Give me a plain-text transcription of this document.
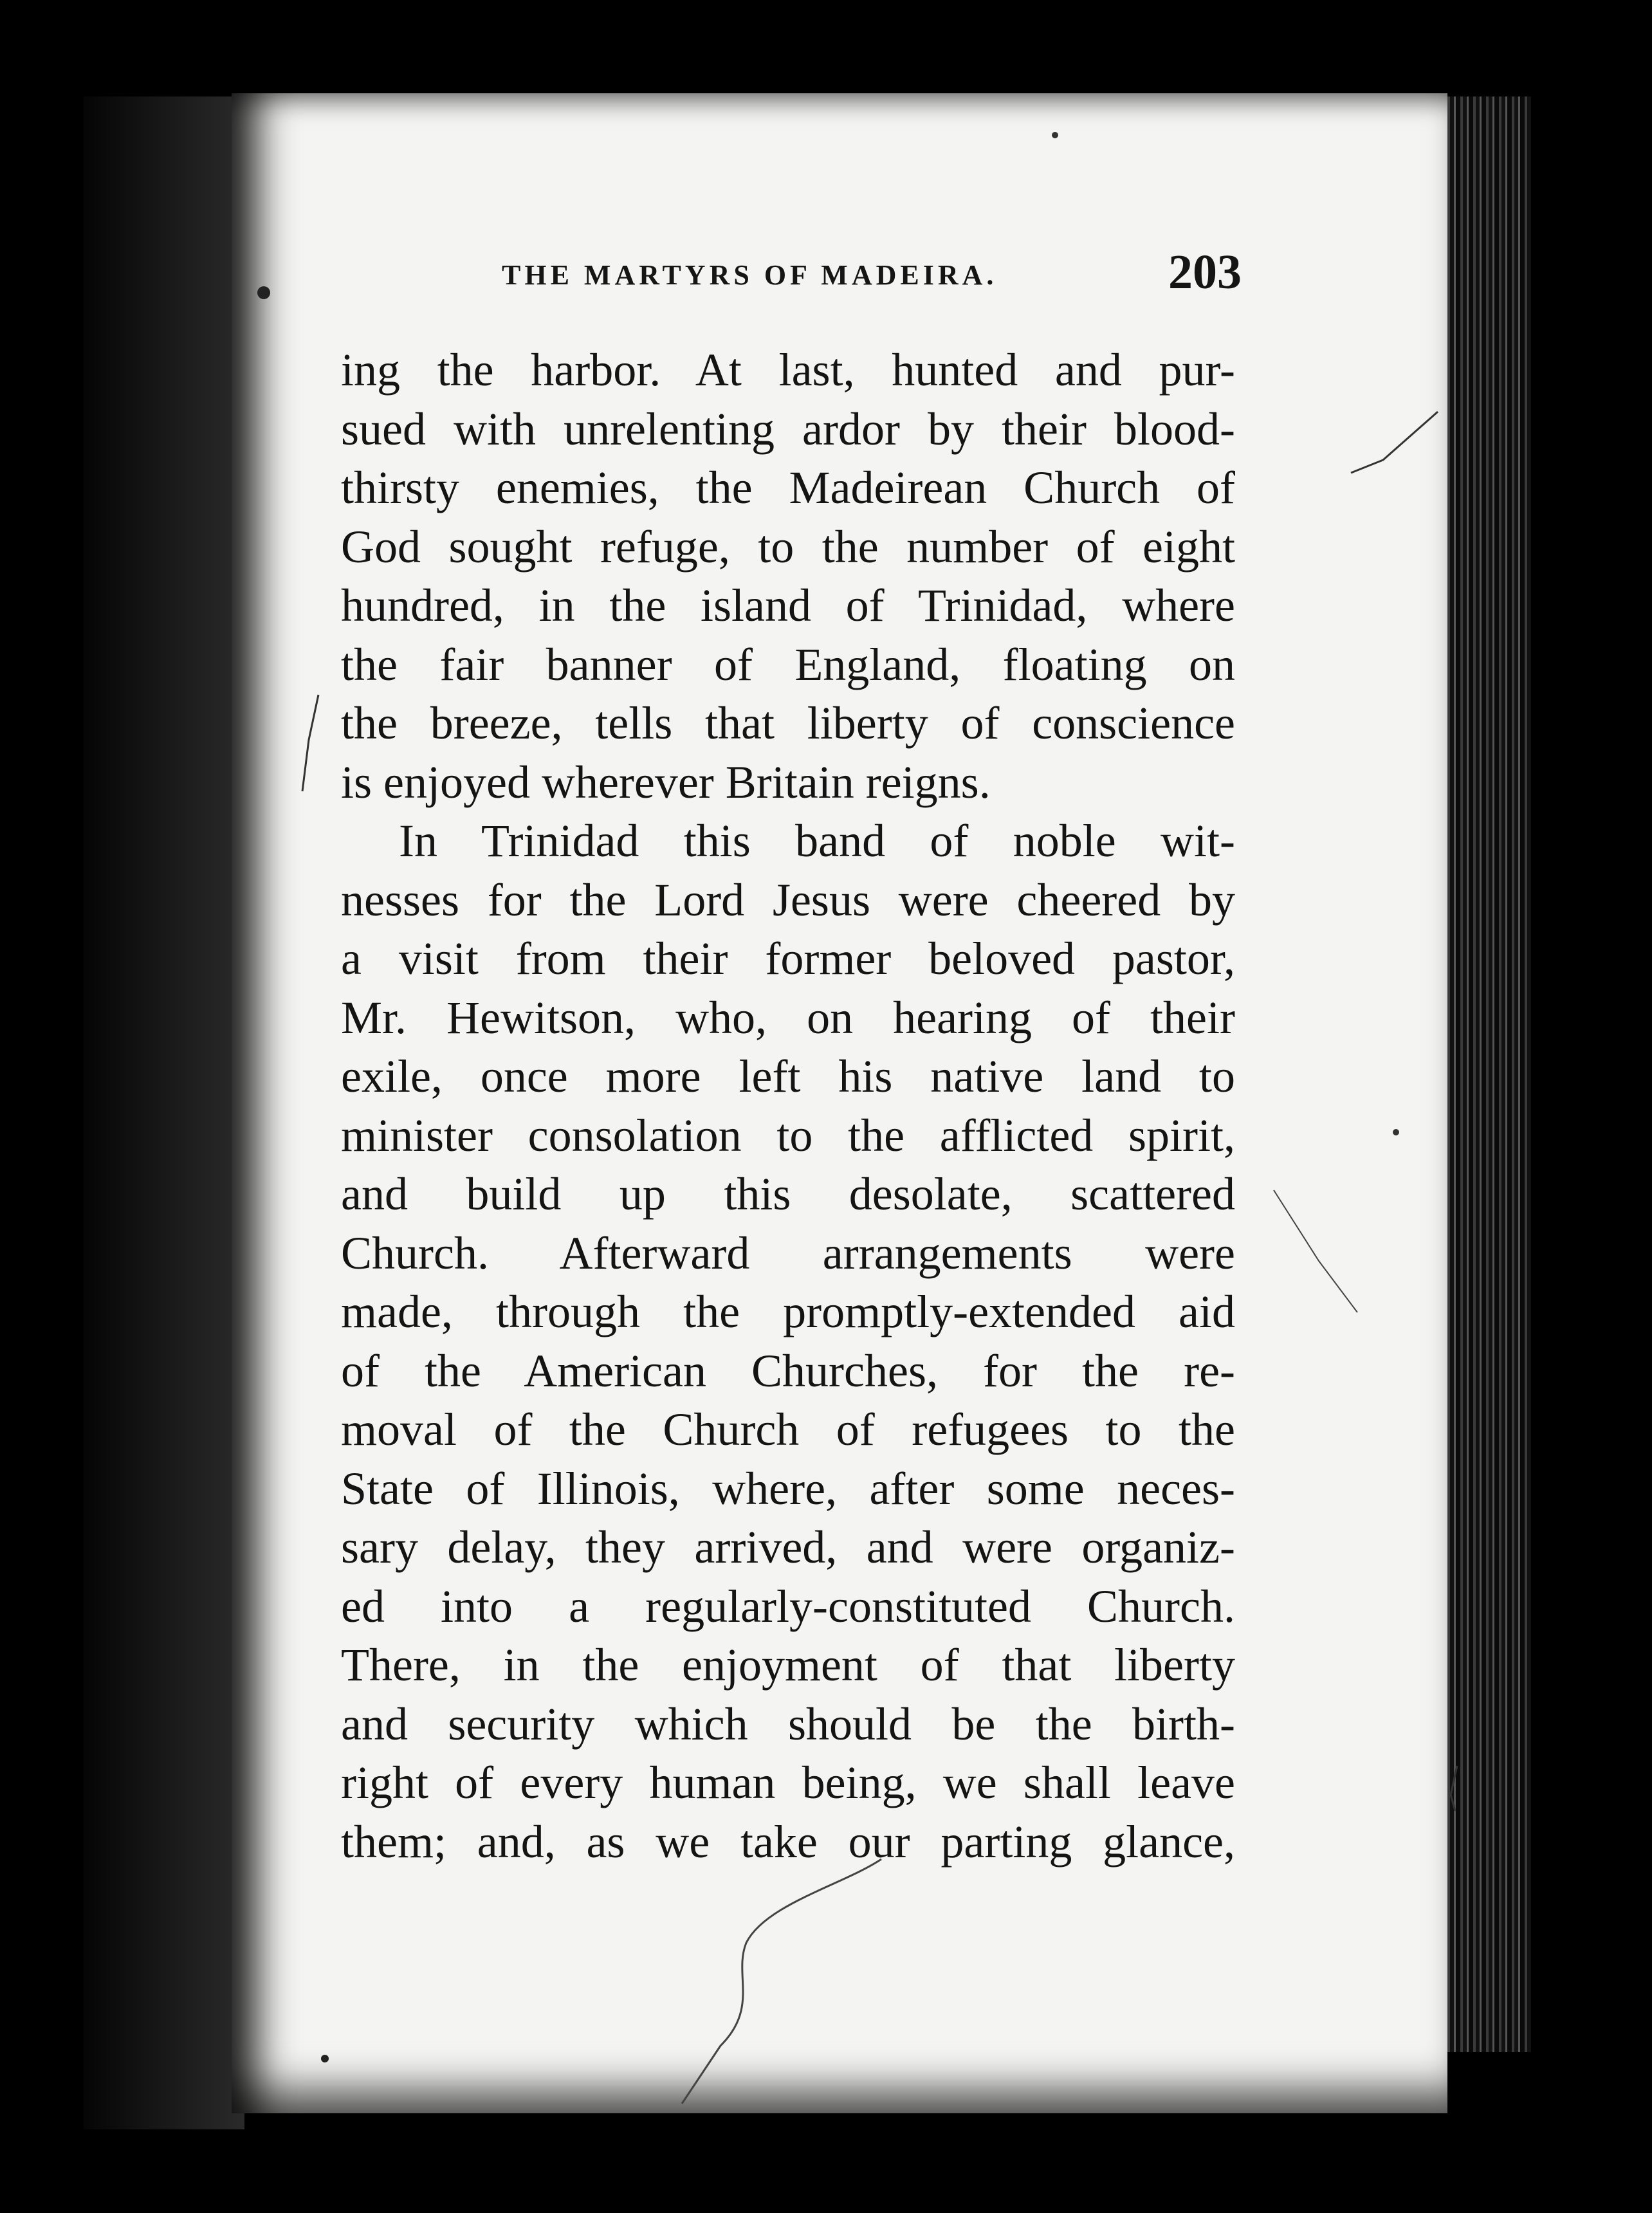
THE MARTYRS OF MADEIRA.	203
ing the harbor. At last, hunted and pur-
sued with unrelenting ardor by their blood-
thirsty enemies, the Madeirean Church of
God sought refuge, to the number of eight
hundred, in the island of Trinidad, where
the fair banner of England, floating on
the breeze, tells that liberty of conscience
is enjoyed wherever Britain reigns.
In Trinidad this band of noble wit-
nesses for the Lord Jesus were cheered by
a visit from their former beloved pastor,
Mr. Hewitson, who, on hearing of their
exile, once more left his native land to
minister consolation to the afflicted spirit,
and build up this desolate, scattered
Church. Afterward arrangements were
made, through the promptly-extended aid
of the American Churches, for the re-
moval of the Church of refugees to the
State of Illinois, where, after some neces-
sary delay, they arrived, and were organiz-
ed into a regularly-constituted Church.
There, in the enjoyment of that liberty
and security which should be the birth-
right of every human being, we shall leave
them; and, as we take our parting glance,
